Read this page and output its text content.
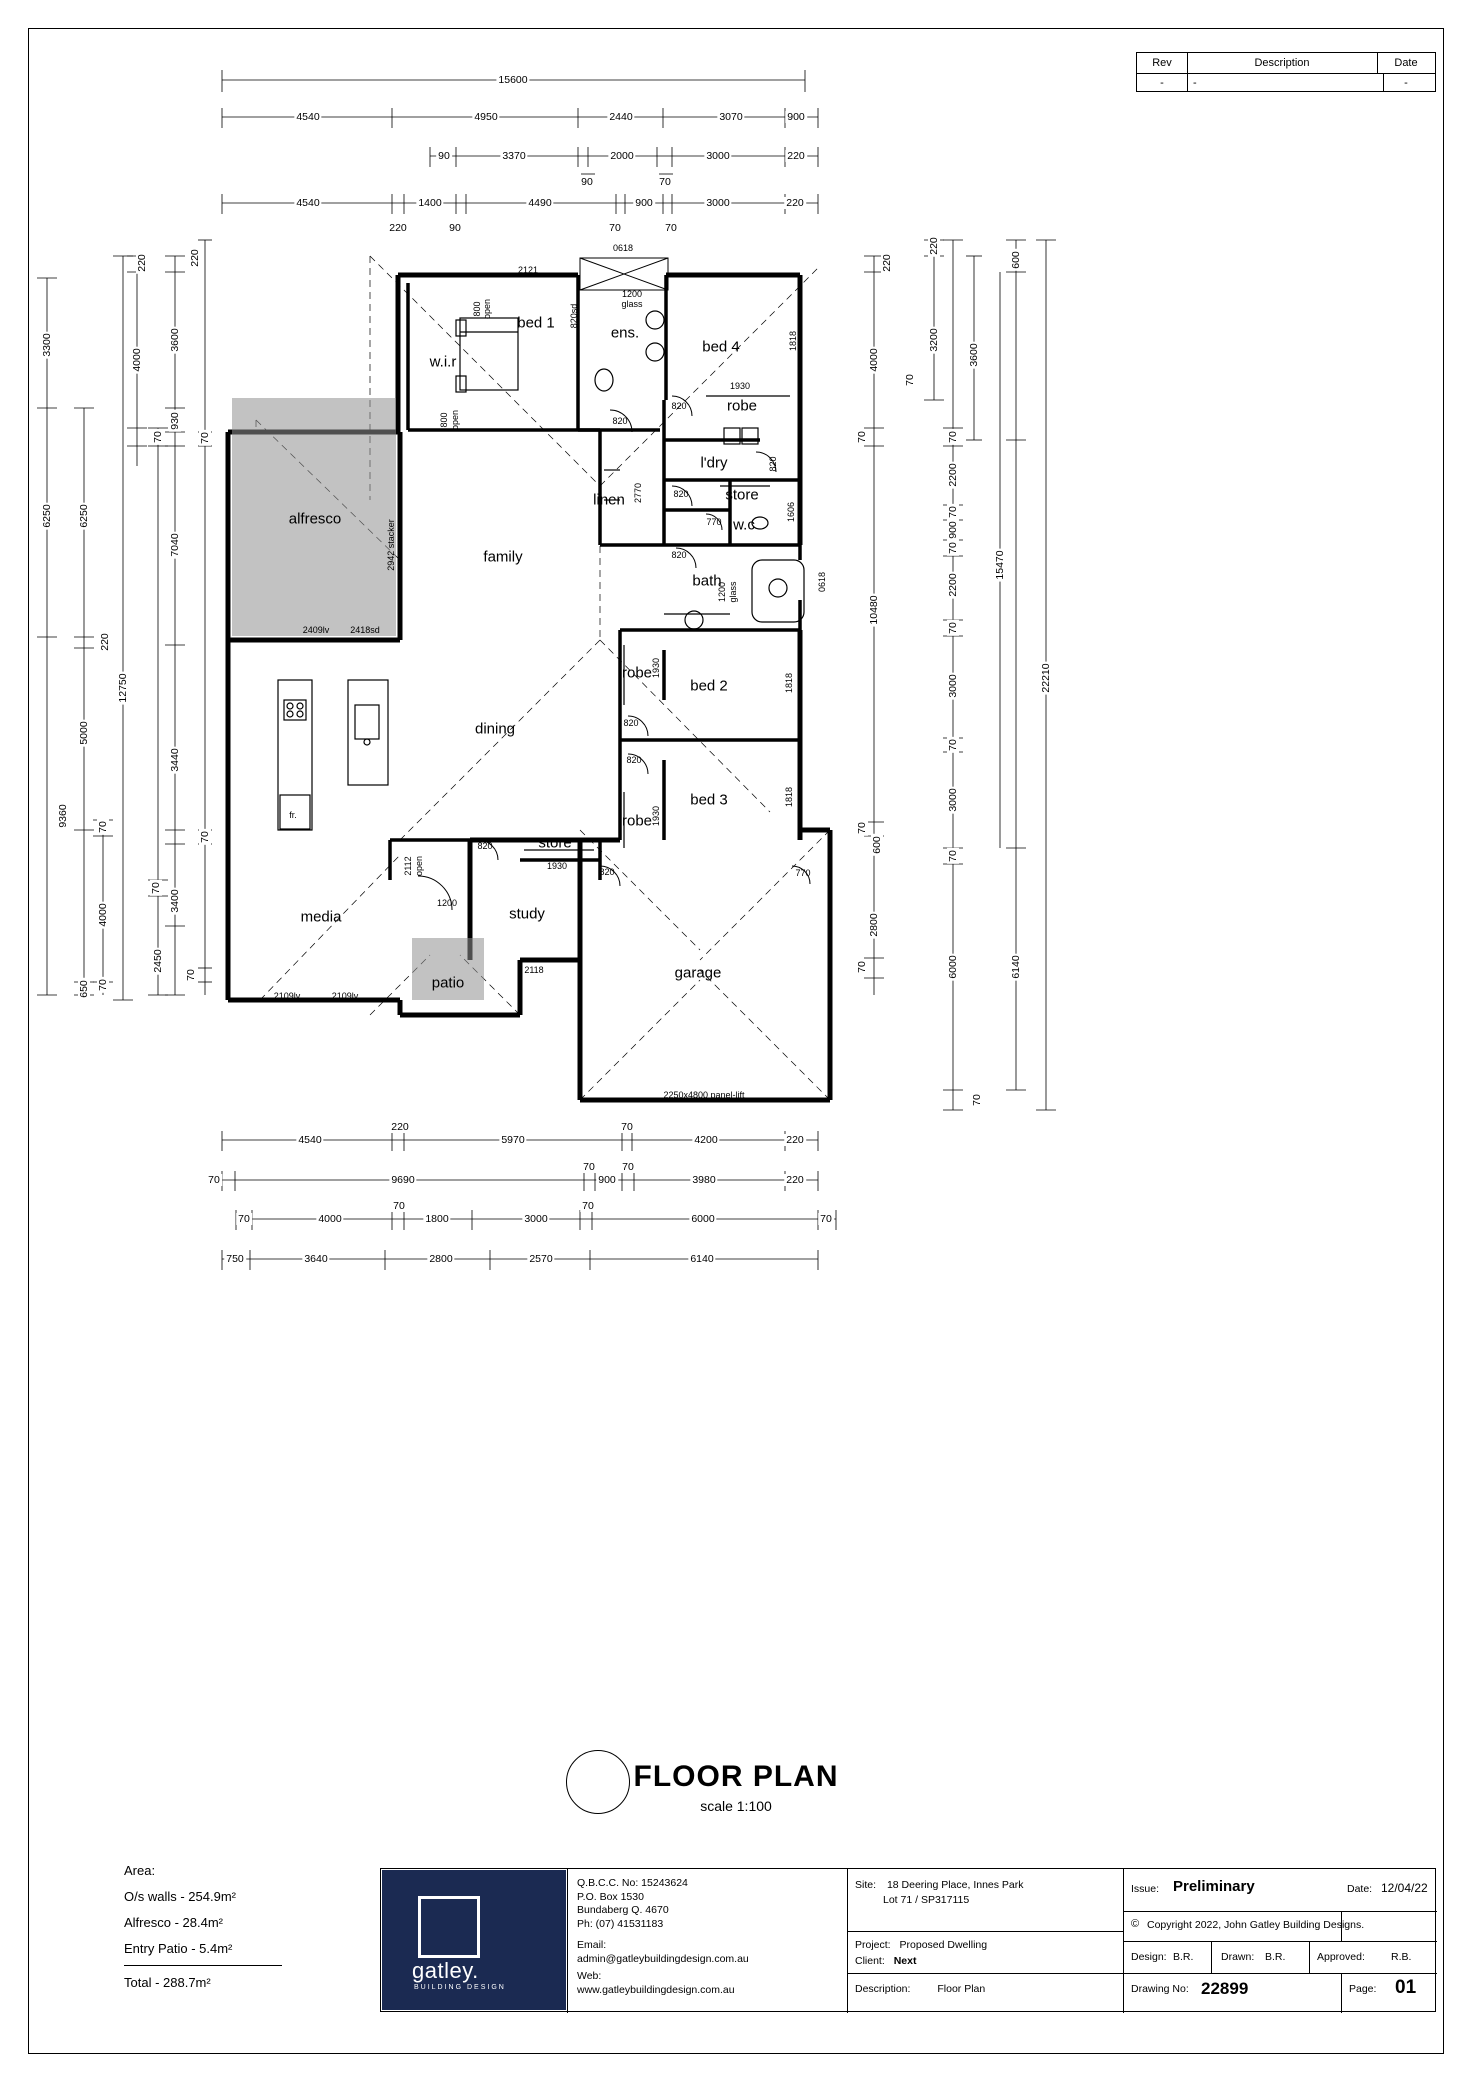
Rev	Description	Date
-	-	-
bed 1
w.i.r
ens.
bed 4
robe
l'dry
store
w.c
bath
alfresco
family
linen
robe
bed 2
dining
robe
bed 3
store
media	study
patio
garage
0618
2121
1200
glass
820sd
800 open
800 open
1818
1930
820
820
820
820
770
2770
820
1606
0618
1200 glass
1930
1818
820
820
1818
1930
1930
820
820
770
2112 open
1200
2118
2109lv	2109lv
2409lv 2418sd
2942 stacker
fr.
2250x4800 panel-lift
15600
4540	4950	2440	3070	900
90	3370	2000	3000	220
90	70
4540	1400	4490	900	3000	220
220	90	70	70
4540
220
5970
70
4200	220
70	9690
70
900
70
3980	220
70	4000
70
1800	3000
70
6000	70
750	3640	2800	2570	6140
3300
6250
9360
650 70
4000
70
5000
6250
220
70
4000
220
12750
2450
70
3400
70
3440
70
7040
930
70
3600
220	220
4000
70
10480
70
600
2800
70
220
3200
70
70
2200
70
900
70
2200
70
3000
70
3000
70
6000
70
600
3600
15470
6140
22210
FLOOR PLAN
scale 1:100
Area:
O/s walls - 254.9m²
Alfresco - 28.4m²
Entry Patio - 5.4m²
Total - 288.7m²	gatley.
BUILDING DESIGN
Q.B.C.C. No: 15243624
P.O. Box 1530
Bundaberg Q. 4670
Ph: (07) 41531183
Email:
admin@gatleybuildingdesign.com.au
Web:
www.gatleybuildingdesign.com.au
Site: 18 Deering Place, Innes Park
Lot 71 / SP317115
Project: Proposed Dwelling
Client: Next
Description:	Floor Plan
Issue: Preliminary	Date: 12/04/22
© Copyright 2022, John Gatley Building Designs.
Design: B.R.	Drawn: B.R.	Approved: R.B.
Drawing No: 22899	Page: 01
